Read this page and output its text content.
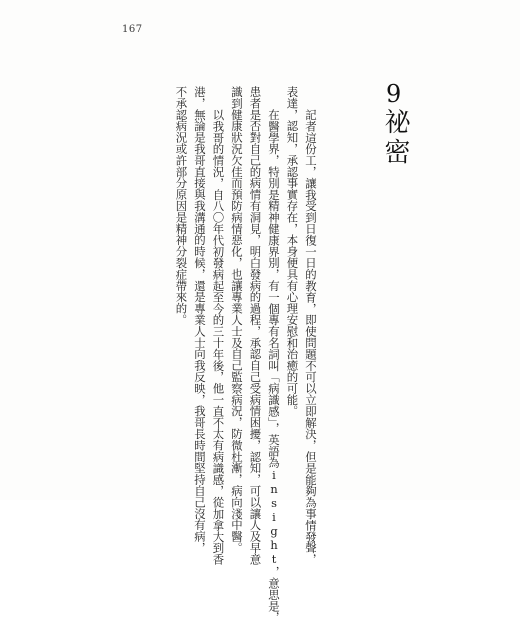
167
9
祕密
記者這份工，讓我受到日復一日的教育，即使問題不可以立即解決，但是能夠為事情發聲，
表達，認知，承認事實存在，本身便具有心理安慰和治癒的可能。
在醫學界，特別是精神健康界別，有一個專有名詞叫「病識感」，英語為insight，意思是，
患者是否對自己的病情有洞見，明白發病的過程，承認自己受病情困擾，認知，可以讓人及早意
識到健康狀況欠佳而預防病情惡化，也讓專業人士及自己監察病況，防微杜漸，病向淺中醫。
以我哥的情況，自八〇年代初發病起至今的三十年後，他一直不太有病識感，從加拿大到香
港，無論是我哥直接與我溝通的時候，還是專業人士向我反映，我哥長時間堅持自己沒有病，
不承認病況或許部分原因是精神分裂症帶來的。
